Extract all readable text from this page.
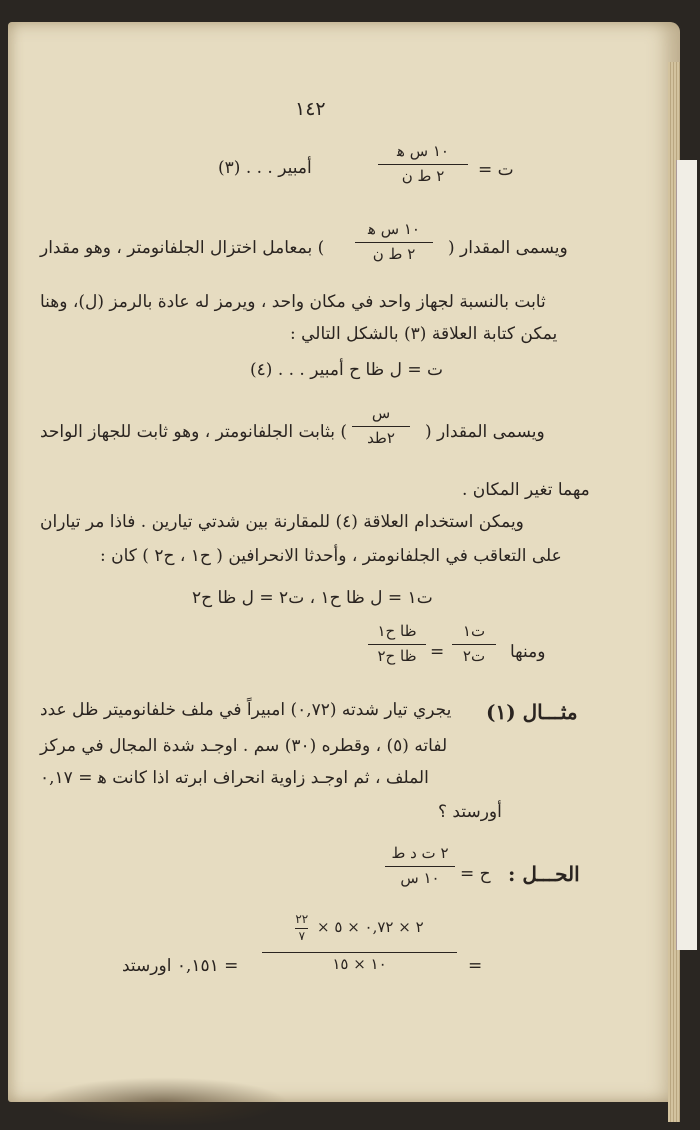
١٤٢
ت =
١٠ ﺱ ﻫ
٢ ط ن
أمبير . . . (٣)
ويسمى المقدار (
١٠ ﺱ ﻫ
٢ ط ن
) بمعامل اختزال الجلفانومتر ، وهو مقدار
ثابت بالنسبة لجهاز واحد في مكان واحد ، ويرمز له عادة بالرمز (ل)، وهنا
يمكن كتابة العلاقة (٣) بالشكل التالي :
ت = ل ظا ح أمبير . . . (٤)
ويسمى المقدار (
ﺱ
٢طد
) بثابت الجلفانومتر ، وهو ثابت للجهاز الواحد
مهما تغير المكان .
ويمكن استخدام العلاقة (٤) للمقارنة بين شدتي تيارين . فاذا مر تياران
على التعاقب في الجلفانومتر ، وأحدثا الانحرافين ( ح١ ، ح٢ ) كان :
ت١ = ل ظا ح١ ، ت٢ = ل ظا ح٢
ومنها
ت١
ت٢
=
ظا ح١
ظا ح٢
مثـــال (١)
يجري تيار شدته (٠,٧٢) امبيراً في ملف خلفانوميتر ظل عدد
لفاته (٥) ، وقطره (٣٠) سم . اوجـد شدة المجال في مركز
الملف ، ثم اوجـد زاوية انحراف ابرته اذا كانت ﻫ = ٠,١٧
أورستد ؟
الحـــل :
ح =
٢ ت د ط
١٠ ﺱ
=
٢ × ٠,٧٢ × ٥ ×
٢٢
٧
١٠ × ١٥
= ٠,١٥١ اورستد
